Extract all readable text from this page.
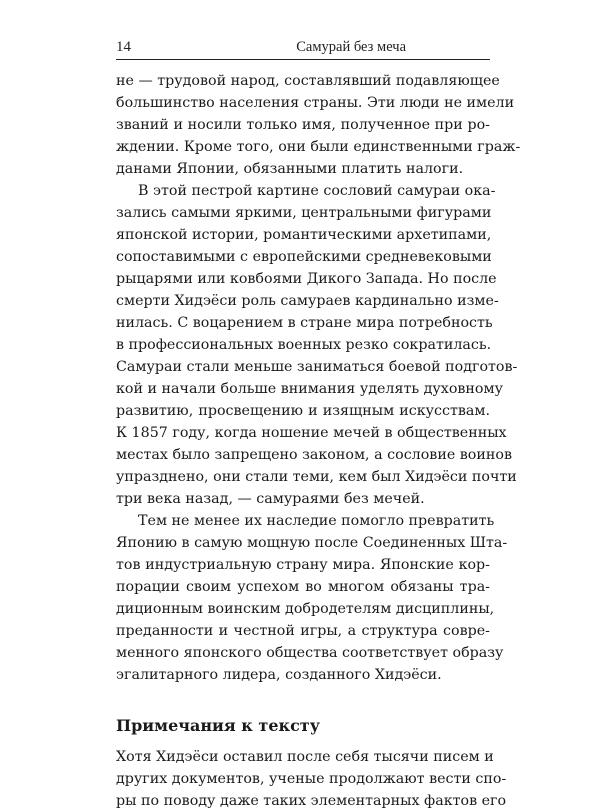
14	Самурай без меча
не — трудовой народ, составлявший подавляющее
большинство населения страны. Эти люди не имели
званий и носили только имя, полученное при ро-
ждении. Кроме того, они были единственными граж-
данами Японии, обязанными платить налоги.
В этой пестрой картине сословий самураи ока-
зались самыми яркими, центральными фигурами
японской истории, романтическими архетипами,
сопоставимыми с европейскими средневековыми
рыцарями или ковбоями Дикого Запада. Но после
смерти Хидэёси роль самураев кардинально изме-
нилась. С воцарением в стране мира потребность
в профессиональных военных резко сократилась.
Самураи стали меньше заниматься боевой подготов-
кой и начали больше внимания уделять духовному
развитию, просвещению и изящным искусствам.
К 1857 году, когда ношение мечей в общественных
местах было запрещено законом, а сословие воинов
упразднено, они стали теми, кем был Хидэёси почти
три века назад, — самураями без мечей.
Тем не менее их наследие помогло превратить
Японию в самую мощную после Соединенных Шта-
тов индустриальную страну мира. Японские кор-
порации своим успехом во многом обязаны тра-
диционным воинским добродетелям дисциплины,
преданности и честной игры, а структура совре-
менного японского общества соответствует образу
эгалитарного лидера, созданного Хидэёси.
Примечания к тексту
Хотя Хидэёси оставил после себя тысячи писем и
других документов, ученые продолжают вести спо-
ры по поводу даже таких элементарных фактов его
